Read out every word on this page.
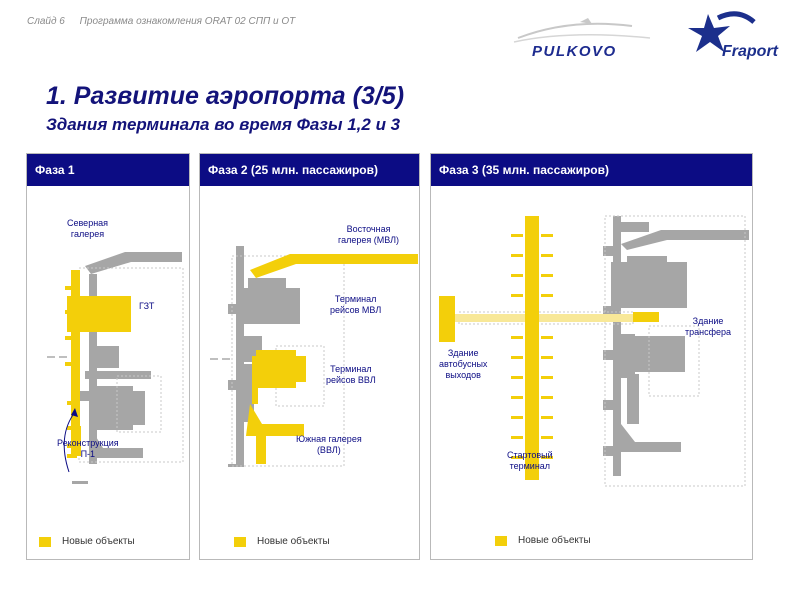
Слайд 6 Программа ознакомления ORAT 02 СПП и ОТ
PULKOVO	Fraport
1. Развитие аэропорта (3/5)
Здания терминала во время Фазы 1,2 и 3
Фаза 1
Северная
галерея
ГЗТ
Реконструкция
П-1
Новые объекты
Фаза 2 (25 млн. пассажиров)
Восточная
галерея (МВЛ)
Терминал
рейсов МВЛ
Терминал
рейсов ВВЛ
Южная галерея
(ВВЛ)
Новые объекты
Фаза 3 (35 млн. пассажиров)
Здание
автобусных
выходов
Здание
трансфера
Стартовый
терминал
Новые объекты
